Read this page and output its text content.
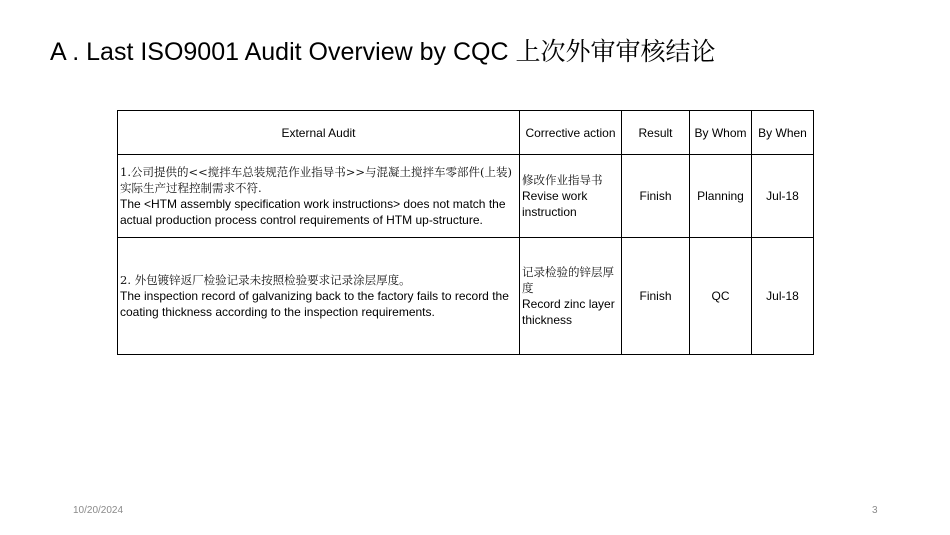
A . Last ISO9001 Audit Overview by CQC 上次外审审核结论
External Audit	Corrective action	Result	By Whom	By When
1.公司提供的<<搅拌车总装规范作业指导书>>与混凝土搅拌车零部件(上装)实际生产过程控制需求不符.
The <HTM assembly specification work instructions> does not match the actual production process control requirements of HTM up-structure.	修改作业指导书
Revise work instruction	Finish	Planning	Jul-18
2. 外包镀锌返厂检验记录未按照检验要求记录涂层厚度。
The inspection record of galvanizing back to the factory fails to record the coating thickness according to the inspection requirements.	记录检验的锌层厚度
Record zinc layer thickness	Finish	QC	Jul-18
10/20/2024	3
